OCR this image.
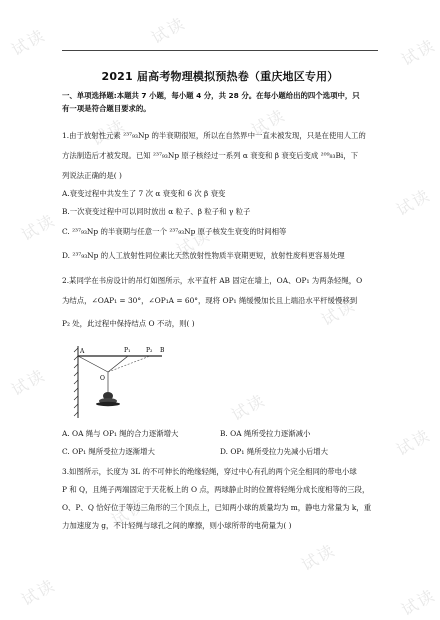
试读	试读
试读
试读	试读
试读
试读	试读
试读
试读
试读
试读
试读
试读
试读	试读
2021 届高考物理模拟预热卷（重庆地区专用）
一、单项选择题:本题共 7 小题，每小题 4 分，共 28 分。在每小题给出的四个选项中，只
有一项是符合题目要求的。
1.由于放射性元素 ²³⁷₉₃Np 的半衰期很短，所以在自然界中一直未被发现，只是在使用人工的
方法制造后才被发现。已知 ²³⁷₉₃Np 原子核经过一系列 α 衰变和 β 衰变后变成 ²⁰⁹₈₃Bi，下
列说法正确的是( )
A.衰变过程中共发生了 7 次 α 衰变和 6 次 β 衰变
B.一次衰变过程中可以同时放出 α 粒子、β 粒子和 γ 粒子
C. ²³⁷₉₃Np 的半衰期与任意一个 ²³⁷₉₃Np 原子核发生衰变的时间相等
D. ²³⁷₉₃Np 的人工放射性同位素比天然放射性物质半衰期更短，放射性废料更容易处理
2.某同学在书房设计的吊灯如图所示，水平直杆 AB 固定在墙上，OA、OP₁ 为两条轻绳，O
为结点，∠OAP₁ = 30°，∠OP₁A = 60°，现将 OP₁ 绳缓慢加长且上端沿水平杆缓慢移到
P₂ 处，此过程中保持结点 O 不动，则( )
A	P₁	P₂ B
O
A. OA 绳与 OP₁ 绳的合力逐渐增大	B. OA 绳所受拉力逐渐减小
C. OP₁ 绳所受拉力逐渐增大	D. OP₁ 绳所受拉力先减小后增大
3.如图所示，长度为 3L 的不可伸长的绝缘轻绳，穿过中心有孔的两个完全相同的带电小球
P 和 Q，且绳子两端固定于天花板上的 O 点，两球静止时的位置将轻绳分成长度相等的三段，
O、P、Q 恰好位于等边三角形的三个顶点上，已知两小球的质量均为 m，静电力常量为 k，重
力加速度为 g，不计轻绳与球孔之间的摩擦，则小球所带的电荷量为( )
